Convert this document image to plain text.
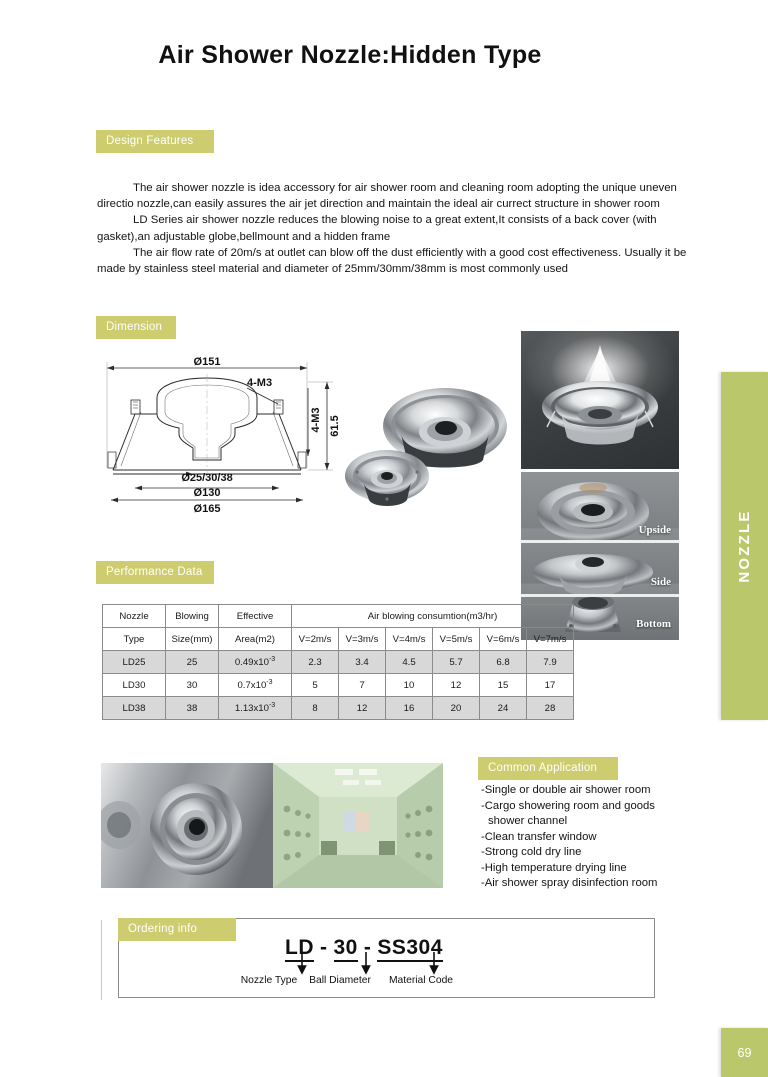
Air Shower Nozzle:Hidden Type
Design Features

The air shower nozzle is idea accessory for air shower room and cleaning room adopting the unique uneven directio nozzle,can easily assures the air jet direction and maintain the ideal air currect structure in shower room

LD Series air shower nozzle reduces the blowing noise to a great extent,It consists of a back cover (with gasket),an adjustable globe,bellmount and a hidden frame

The air flow rate of 20m/s at outlet can blow off the dust efficiently with a good cost effectiveness. Usually it be made by stainless steel material and diameter of 25mm/30mm/38mm is most commonly used

Dimension
Ø151
4-M3
Ø25/30/38
Ø130
Ø165
61.5
4-M3
Upside
Side
Bottom
Performance Data
Nozzle	Blowing	Effective	Air blowing consumtion(m3/hr)					
Type	Size(mm)	Area(m2)	V=2m/s	V=3m/s	V=4m/s	V=5m/s	V=6m/s	V=7m/s
LD25	25	$0.49x10^{-3}$	2.3	3.4	4.5	5.7	6.8	7.9
LD30	30	$0.7x10^{-3}$	5	7	10	12	15	17
LD38	38	$1.13x10^{-3}$	8	12	16	20	24	28
Common Application
-Single or double air shower room
-Cargo showering room and goods
shower channel
-Clean transfer window
-Strong cold dry line
-High temperature drying line
-Air shower spray disinfection room
Ordering info
LD - 30 - SS304
Nozzle Type Ball Diameter Material Code
NOZZLE
69
